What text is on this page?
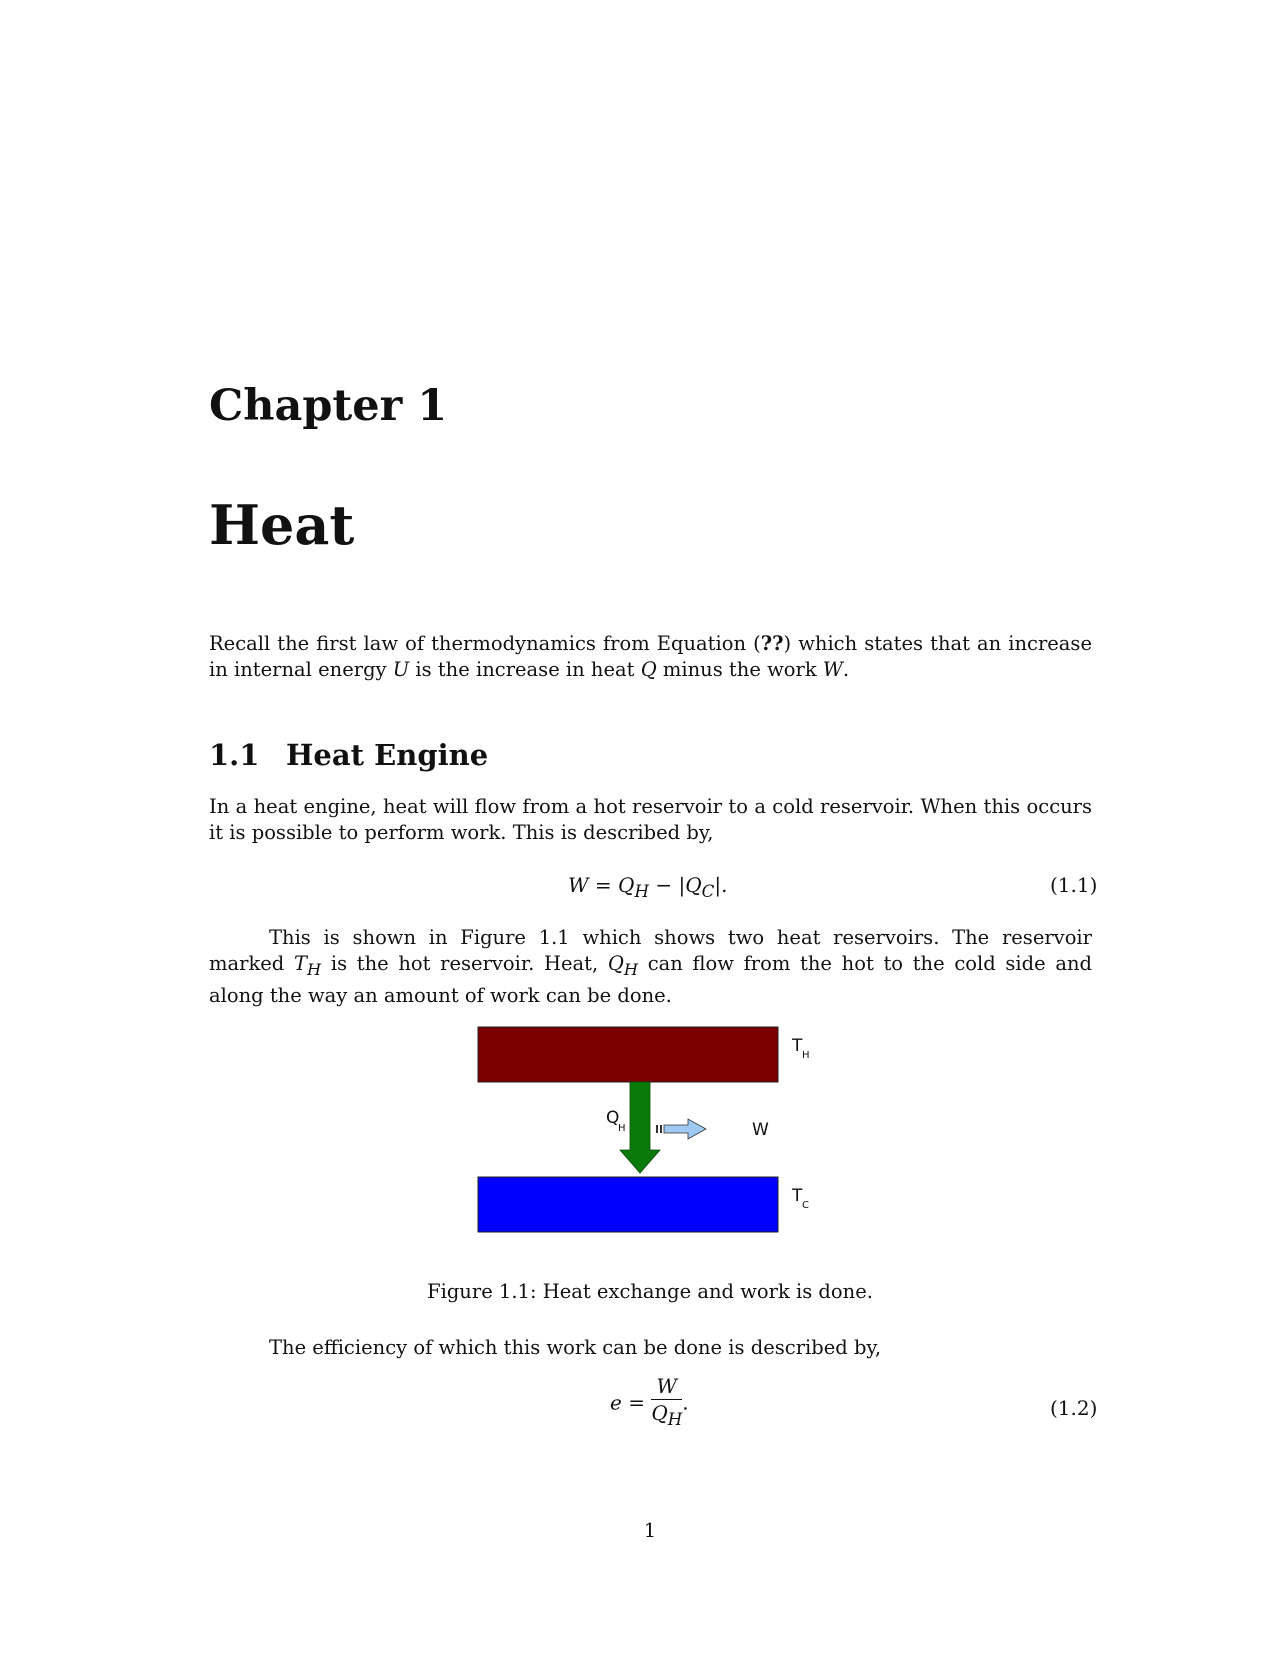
Chapter 1
Heat

Recall the first law of thermodynamics from Equation (??) which states that an increase in internal energy U is the increase in heat Q minus the work W.

1.1 Heat Engine

In a heat engine, heat will flow from a hot reservoir to a cold reservoir. When this occurs it is possible to perform work. This is described by,

$W = Q_H - |Q_C|$.	(1.1)

This is shown in Figure 1.1 which shows two heat reservoirs. The reservoir marked $T_H$ is the hot reservoir. Heat, $Q_H$ can flow from the hot to the cold side and along the way an amount of work can be done.

T H
Q
H	W
T C
Figure 1.1: Heat exchange and work is done.

The efficiency of which this work can be done is described by,

$e = \frac{W}{Q_H}$ .	(1.2)
1
